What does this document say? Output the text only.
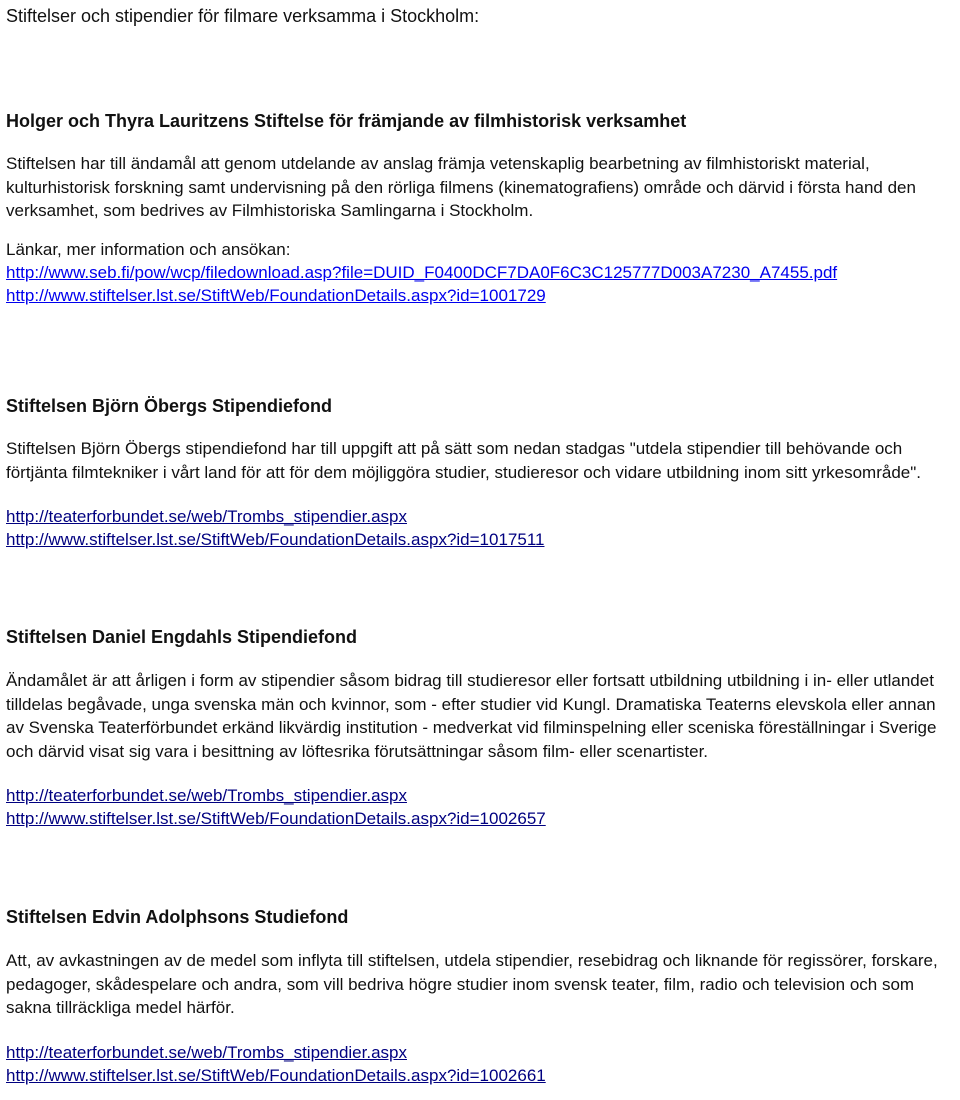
Stiftelser och stipendier för filmare verksamma i Stockholm:
Holger och Thyra Lauritzens Stiftelse för främjande av filmhistorisk verksamhet

Stiftelsen har till ändamål att genom utdelande av anslag främja vetenskaplig bearbetning av filmhistoriskt material, kulturhistorisk forskning samt undervisning på den rörliga filmens (kinematografiens) område och därvid i första hand den verksamhet, som bedrives av Filmhistoriska Samlingarna i Stockholm.

Länkar, mer information och ansökan:

http://www.seb.fi/pow/wcp/filedownload.asp?file=DUID_F0400DCF7DA0F6C3C125777D003A7230_A7455.pdf
http://www.stiftelser.lst.se/StiftWeb/FoundationDetails.aspx?id=1001729
Stiftelsen Björn Öbergs Stipendiefond

Stiftelsen Björn Öbergs stipendiefond har till uppgift att på sätt som nedan stadgas "utdela stipendier till behövande och förtjänta filmtekniker i vårt land för att för dem möjliggöra studier, studieresor och vidare utbildning inom sitt yrkesområde".

http://teaterforbundet.se/web/Trombs_stipendier.aspx
http://www.stiftelser.lst.se/StiftWeb/FoundationDetails.aspx?id=1017511
Stiftelsen Daniel Engdahls Stipendiefond

Ändamålet är att årligen i form av stipendier såsom bidrag till studieresor eller fortsatt utbildning utbildning i in- eller utlandet tilldelas begåvade, unga svenska män och kvinnor, som - efter studier vid Kungl. Dramatiska Teaterns elevskola eller annan av Svenska Teaterförbundet erkänd likvärdig institution - medverkat vid filminspelning eller sceniska föreställningar i Sverige och därvid visat sig vara i besittning av löftesrika förutsättningar såsom film- eller scenartister.

http://teaterforbundet.se/web/Trombs_stipendier.aspx
http://www.stiftelser.lst.se/StiftWeb/FoundationDetails.aspx?id=1002657
Stiftelsen Edvin Adolphsons Studiefond

Att, av avkastningen av de medel som inflyta till stiftelsen, utdela stipendier, resebidrag och liknande för regissörer, forskare, pedagoger, skådespelare och andra, som vill bedriva högre studier inom svensk teater, film, radio och television och som sakna tillräckliga medel härför.

http://teaterforbundet.se/web/Trombs_stipendier.aspx
http://www.stiftelser.lst.se/StiftWeb/FoundationDetails.aspx?id=1002661
